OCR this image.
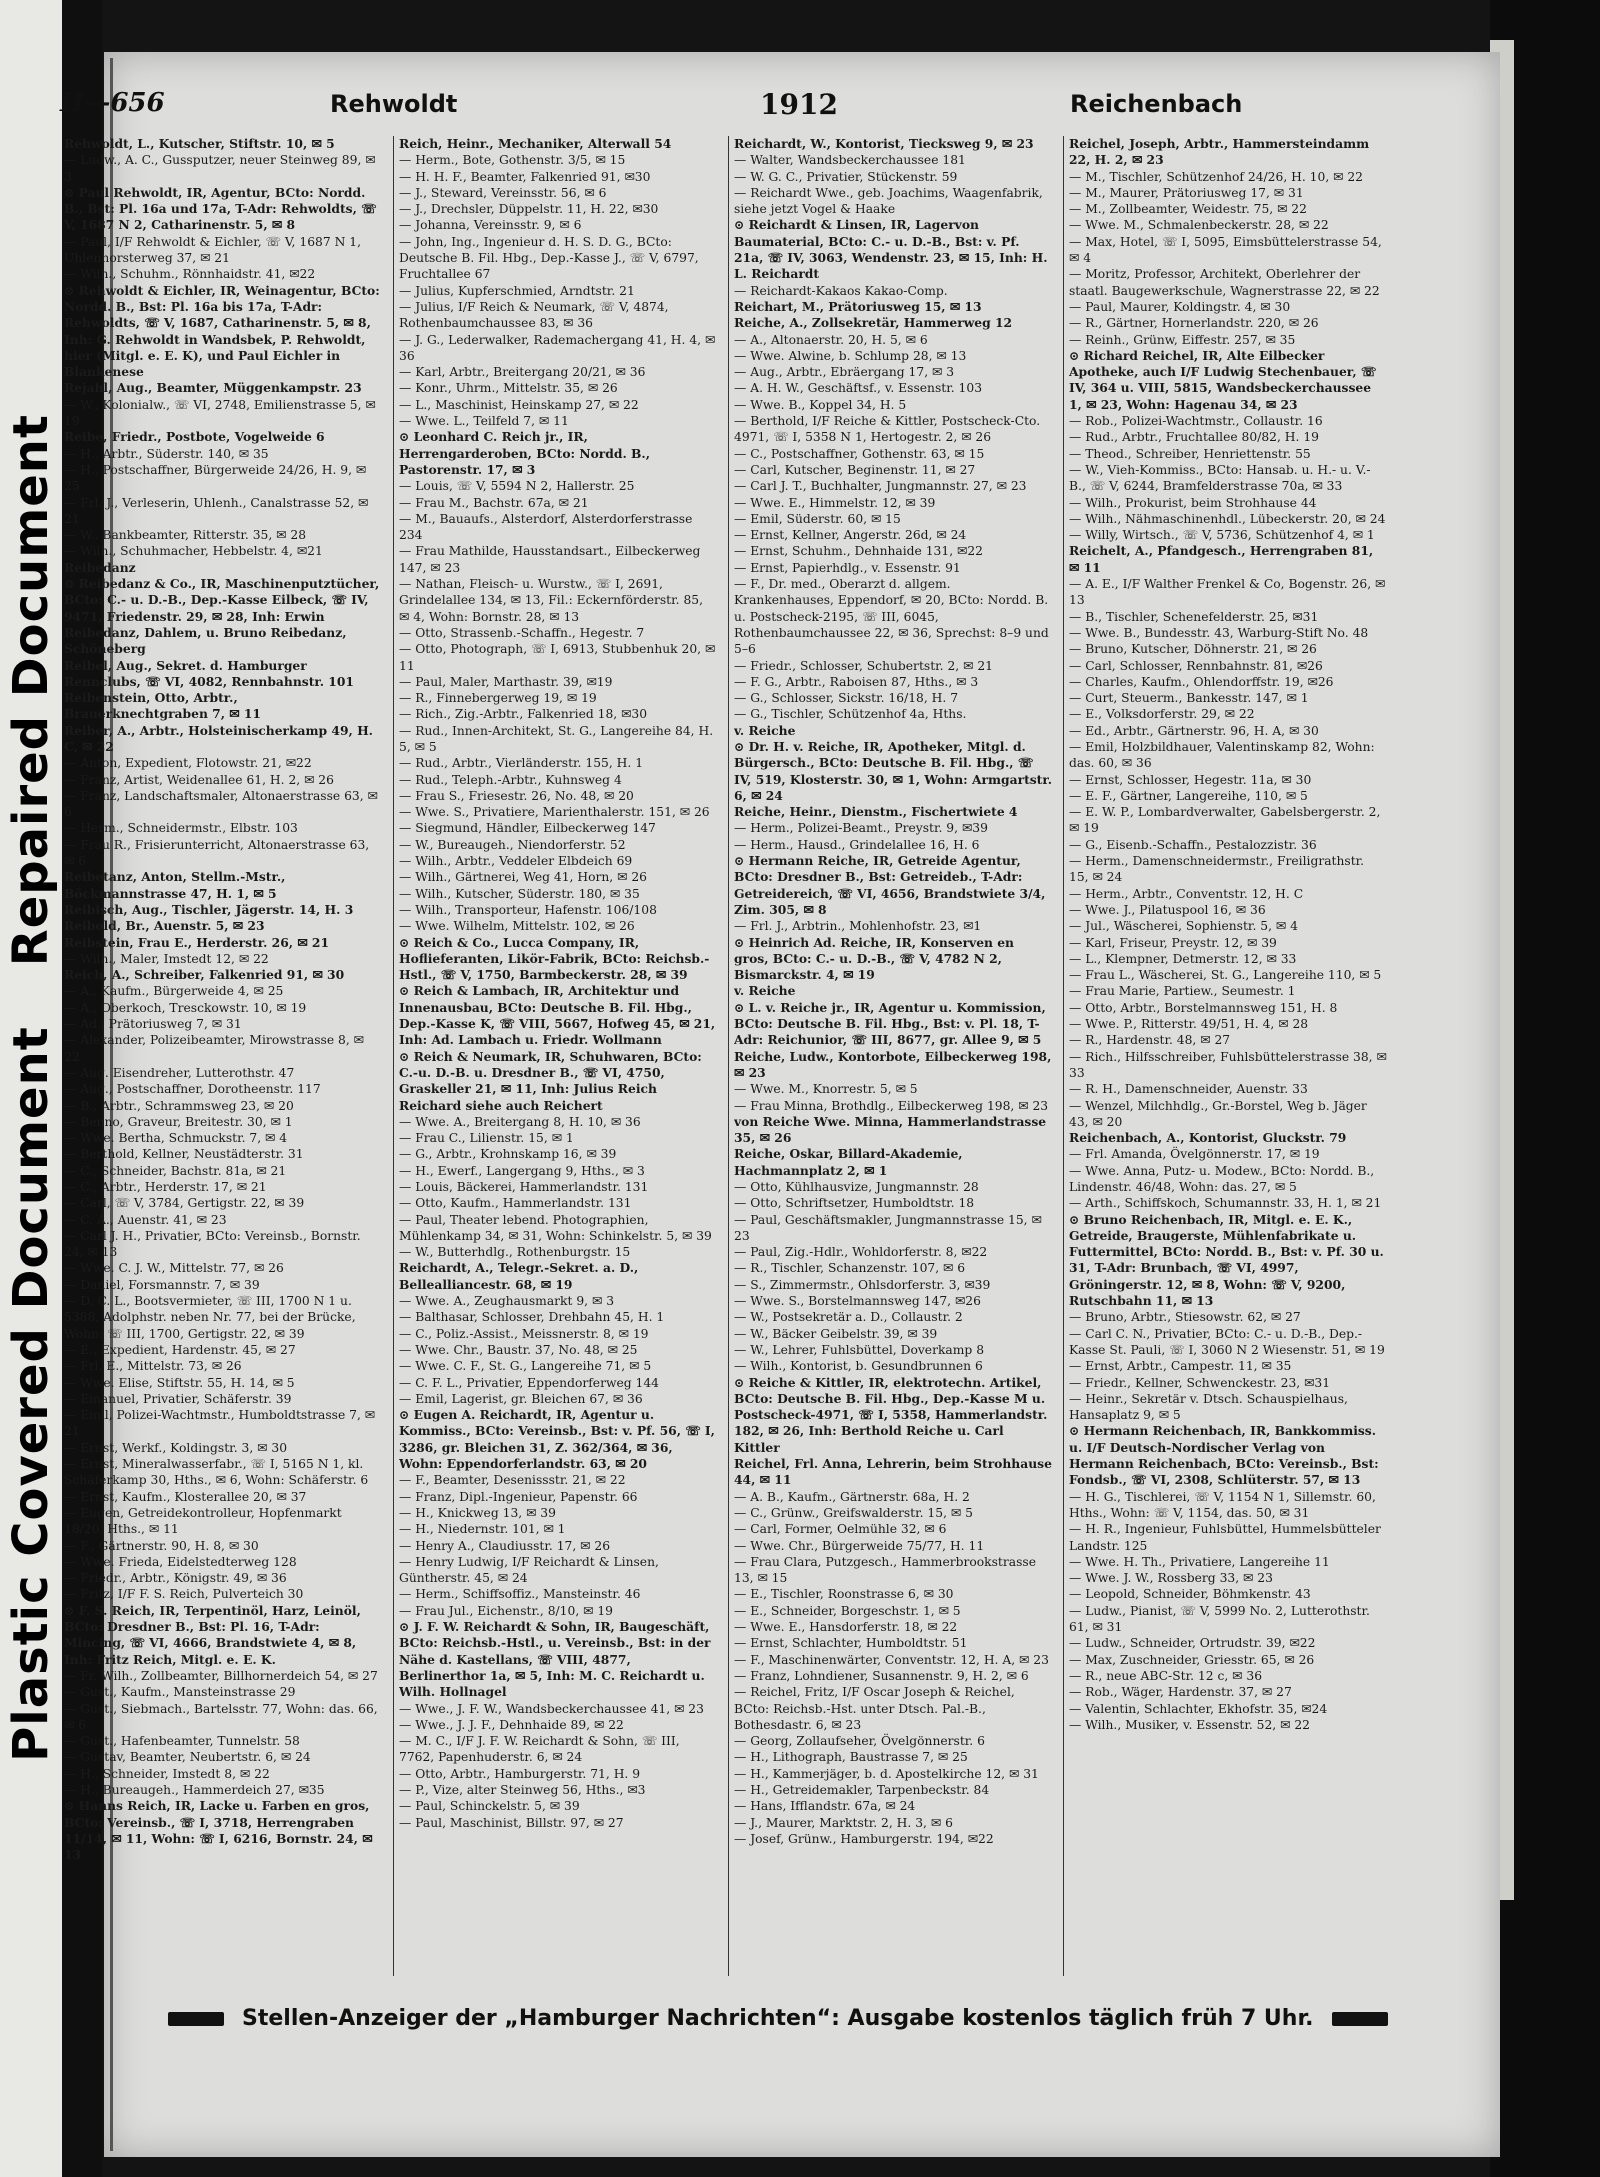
Plastic Covered DocumentRepaired Document
II—656	Rehwoldt	1912	Reichenbach

Rehwoldt, L., Kutscher, Stiftstr. 10, ✉ 5

— Ludw., A. C., Gussputzer, neuer Steinweg 89, ✉ 3

⊙ Paul Rehwoldt, IR, Agentur, BCto: Nordd. B., Bst: Pl. 16a und 17a, T-Adr: Rehwoldts, ☏ V, 1687 N 2, Catharinenstr. 5, ✉ 8

— Paul, I/F Rehwoldt & Eichler, ☏ V, 1687 N 1, Uhlenhorsterweg 37, ✉ 21

— Wilh., Schuhm., Rönnhaidstr. 41, ✉22

⊙ Rehwoldt & Eichler, IR, Weinagentur, BCto: Nordd. B., Bst: Pl. 16a bis 17a, T-Adr: Rehwoldts, ☏ V, 1687, Catharinenstr. 5, ✉ 8, Inh: G. Rehwoldt in Wandsbek, P. Rehwoldt, hier (Mitgl. e. E. K), und Paul Eichler in Blankenese

Rejahl, Aug., Beamter, Müggenkampstr. 23

— W., Kolonialw., ☏ VI, 2748, Emilienstrasse 5, ✉ 19

Reibe, Friedr., Postbote, Vogelweide 6

— H., Arbtr., Süderstr. 140, ✉ 35

— H., Postschaffner, Bürgerweide 24/26, H. 9, ✉ 25

— Frl. J., Verleserin, Uhlenh., Canalstrasse 52, ✉ 21

— W., Bankbeamter, Ritterstr. 35, ✉ 28

— Wilh., Schuhmacher, Hebbelstr. 4, ✉21

Reibedanz

⊙ Reibedanz & Co., IR, Maschinenputztücher, BCto: C.- u. D.-B., Dep.-Kasse Eilbeck, ☏ IV, 9471, Friedenstr. 29, ✉ 28, Inh: Erwin Reibedanz, Dahlem, u. Bruno Reibedanz, Schöneberg

Reibel, Aug., Sekret. d. Hamburger Rennclubs, ☏ VI, 4082, Rennbahnstr. 101

Reibenstein, Otto, Arbtr., Brauerknechtgraben 7, ✉ 11

Reiber, A., Arbtr., Holsteinischerkamp 49, H. C, ✉ 22

— Anton, Expedient, Flotowstr. 21, ✉22

— Franz, Artist, Weidenallee 61, H. 2, ✉ 26

— Franz, Landschaftsmaler, Altonaerstrasse 63, ✉ 6

— Herm., Schneidermstr., Elbstr. 103

— Frau R., Frisierunterricht, Altonaerstrasse 63, ✉ 6

Reibetanz, Anton, Stellm.-Mstr., Böckmannstrasse 47, H. 1, ✉ 5

Reibisch, Aug., Tischler, Jägerstr. 14, H. 3

Reibold, Br., Auenstr. 5, ✉ 23

Reibstein, Frau E., Herderstr. 26, ✉ 21

— Wilh., Maler, Imstedt 12, ✉ 22

Reich, A., Schreiber, Falkenried 91, ✉ 30

— A., Kaufm., Bürgerweide 4, ✉ 25

— A., Oberkoch, Tresckowstr. 10, ✉ 19

— Ad., Prätoriusweg 7, ✉ 31

— Alexander, Polizeibeamter, Mirowstrasse 8, ✉ 22

— Aug. Eisendreher, Lutterothstr. 47

— Aug., Postschaffner, Dorotheenstr. 117

— B., Arbtr., Schrammsweg 23, ✉ 20

— Benno, Graveur, Breitestr. 30, ✉ 1

— Wwe. Bertha, Schmuckstr. 7, ✉ 4

— Berthold, Kellner, Neustädterstr. 31

— C., Schneider, Bachstr. 81a, ✉ 21

— C., Arbtr., Herderstr. 17, ✉ 21

— Carl, ☏ V, 3784, Gertigstr. 22, ✉ 39

— C. A., Auenstr. 41, ✉ 23

— Carl J. H., Privatier, BCto: Vereinsb., Bornstr. 24, ✉ 13

— Wwe. C. J. W., Mittelstr. 77, ✉ 26

— Daniel, Forsmannstr. 7, ✉ 39

— D. C. L., Bootsvermieter, ☏ III, 1700 N 1 u. 5388, Adolphstr. neben Nr. 77, bei der Brücke, Wohn: ☏ III, 1700, Gertigstr. 22, ✉ 39

— E., Expedient, Hardenstr. 45, ✉ 27

— Frl. E., Mittelstr. 73, ✉ 26

— Wwe. Elise, Stiftstr. 55, H. 14, ✉ 5

— Emanuel, Privatier, Schäferstr. 39

— Emil, Polizei-Wachtmstr., Humboldtstrasse 7, ✉ 21

— Ernst, Werkf., Koldingstr. 3, ✉ 30

— Ernst, Mineralwasserfabr., ☏ I, 5165 N 1, kl. Schäferkamp 30, Hths., ✉ 6, Wohn: Schäferstr. 6

— Ernst, Kaufm., Klosterallee 20, ✉ 37

— Eugen, Getreidekontrolleur, Hopfenmarkt 18/20, Hths., ✉ 11

— F., Gärtnerstr. 90, H. 8, ✉ 30

— Wwe. Frieda, Eidelstedterweg 128

— Friedr., Arbtr., Königstr. 49, ✉ 36

— Fritz, I/F F. S. Reich, Pulverteich 30

⊙ F. S. Reich, IR, Terpentinöl, Harz, Leinöl, BCto: Dresdner B., Bst: Pl. 16, T-Adr: Mincing, ☏ VI, 4666, Brandstwiete 4, ✉ 8, Inh: Fritz Reich, Mitgl. e. E. K.

— Fr. Wilh., Zollbeamter, Billhornerdeich 54, ✉ 27

— Gust., Kaufm., Mansteinstrasse 29

— Gust., Siebmach., Bartelsstr. 77, Wohn: das. 66, ✉ 6

— Gust., Hafenbeamter, Tunnelstr. 58

— Gustav, Beamter, Neubertstr. 6, ✉ 24

— H., Schneider, Imstedt 8, ✉ 22

— H., Bureaugeh., Hammerdeich 27, ✉35

⊙ Hanns Reich, IR, Lacke u. Farben en gros, BCto: Vereinsb., ☏ I, 3718, Herrengraben 11/14, ✉ 11, Wohn: ☏ I, 6216, Bornstr. 24, ✉ 13

Reich, Heinr., Mechaniker, Alterwall 54

— Herm., Bote, Gothenstr. 3/5, ✉ 15

— H. H. F., Beamter, Falkenried 91, ✉30

— J., Steward, Vereinsstr. 56, ✉ 6

— J., Drechsler, Düppelstr. 11, H. 22, ✉30

— Johanna, Vereinsstr. 9, ✉ 6

— John, Ing., Ingenieur d. H. S. D. G., BCto: Deutsche B. Fil. Hbg., Dep.-Kasse J., ☏ V, 6797, Fruchtallee 67

— Julius, Kupferschmied, Arndtstr. 21

— Julius, I/F Reich & Neumark, ☏ V, 4874, Rothenbaumchaussee 83, ✉ 36

— J. G., Lederwalker, Rademachergang 41, H. 4, ✉ 36

— Karl, Arbtr., Breitergang 20/21, ✉ 36

— Konr., Uhrm., Mittelstr. 35, ✉ 26

— L., Maschinist, Heinskamp 27, ✉ 22

— Wwe. L., Teilfeld 7, ✉ 11

⊙ Leonhard C. Reich jr., IR, Herrengarderoben, BCto: Nordd. B., Pastorenstr. 17, ✉ 3

— Louis, ☏ V, 5594 N 2, Hallerstr. 25

— Frau M., Bachstr. 67a, ✉ 21

— M., Bauaufs., Alsterdorf, Alsterdorferstrasse 234

— Frau Mathilde, Hausstandsart., Eilbeckerweg 147, ✉ 23

— Nathan, Fleisch- u. Wurstw., ☏ I, 2691, Grindelallee 134, ✉ 13, Fil.: Eckernförderstr. 85, ✉ 4, Wohn: Bornstr. 28, ✉ 13

— Otto, Strassenb.-Schaffn., Hegestr. 7

— Otto, Photograph, ☏ I, 6913, Stubbenhuk 20, ✉ 11

— Paul, Maler, Marthastr. 39, ✉19

— R., Finnebergerweg 19, ✉ 19

— Rich., Zig.-Arbtr., Falkenried 18, ✉30

— Rud., Innen-Architekt, St. G., Langereihe 84, H. 5, ✉ 5

— Rud., Arbtr., Vierländerstr. 155, H. 1

— Rud., Teleph.-Arbtr., Kuhnsweg 4

— Frau S., Friesestr. 26, No. 48, ✉ 20

— Wwe. S., Privatiere, Marienthalerstr. 151, ✉ 26

— Siegmund, Händler, Eilbeckerweg 147

— W., Bureaugeh., Niendorferstr. 52

— Wilh., Arbtr., Veddeler Elbdeich 69

— Wilh., Gärtnerei, Weg 41, Horn, ✉ 26

— Wilh., Kutscher, Süderstr. 180, ✉ 35

— Wilh., Transporteur, Hafenstr. 106/108

— Wwe. Wilhelm, Mittelstr. 102, ✉ 26

⊙ Reich & Co., Lucca Company, IR, Hoflieferanten, Likör-Fabrik, BCto: Reichsb.-Hstl., ☏ V, 1750, Barmbeckerstr. 28, ✉ 39

⊙ Reich & Lambach, IR, Architektur und Innenausbau, BCto: Deutsche B. Fil. Hbg., Dep.-Kasse K, ☏ VIII, 5667, Hofweg 45, ✉ 21, Inh: Ad. Lambach u. Friedr. Wollmann

⊙ Reich & Neumark, IR, Schuhwaren, BCto: C.-u. D.-B. u. Dresdner B., ☏ VI, 4750, Graskeller 21, ✉ 11, Inh: Julius Reich

Reichard siehe auch Reichert

— Wwe. A., Breitergang 8, H. 10, ✉ 36

— Frau C., Lilienstr. 15, ✉ 1

— G., Arbtr., Krohnskamp 16, ✉ 39

— H., Ewerf., Langergang 9, Hths., ✉ 3

— Louis, Bäckerei, Hammerlandstr. 131

— Otto, Kaufm., Hammerlandstr. 131

— Paul, Theater lebend. Photographien, Mühlenkamp 34, ✉ 31, Wohn: Schinkelstr. 5, ✉ 39

— W., Butterhdlg., Rothenburgstr. 15

Reichardt, A., Telegr.-Sekret. a. D., Bellealliancestr. 68, ✉ 19

— Wwe. A., Zeughausmarkt 9, ✉ 3

— Balthasar, Schlosser, Drehbahn 45, H. 1

— C., Poliz.-Assist., Meissnerstr. 8, ✉ 19

— Wwe. Chr., Baustr. 37, No. 48, ✉ 25

— Wwe. C. F., St. G., Langereihe 71, ✉ 5

— C. F. L., Privatier, Eppendorferweg 144

— Emil, Lagerist, gr. Bleichen 67, ✉ 36

⊙ Eugen A. Reichardt, IR, Agentur u. Kommiss., BCto: Vereinsb., Bst: v. Pf. 56, ☏ I, 3286, gr. Bleichen 31, Z. 362/364, ✉ 36, Wohn: Eppendorferlandstr. 63, ✉ 20

— F., Beamter, Desenissstr. 21, ✉ 22

— Franz, Dipl.-Ingenieur, Papenstr. 66

— H., Knickweg 13, ✉ 39

— H., Niedernstr. 101, ✉ 1

— Henry A., Claudiusstr. 17, ✉ 26

— Henry Ludwig, I/F Reichardt & Linsen, Güntherstr. 45, ✉ 24

— Herm., Schiffsoffiz., Mansteinstr. 46

— Frau Jul., Eichenstr., 8/10, ✉ 19

⊙ J. F. W. Reichardt & Sohn, IR, Baugeschäft, BCto: Reichsb.-Hstl., u. Vereinsb., Bst: in der Nähe d. Kastellans, ☏ VIII, 4877, Berlinerthor 1a, ✉ 5, Inh: M. C. Reichardt u. Wilh. Hollnagel

— Wwe., J. F. W., Wandsbeckerchaussee 41, ✉ 23

— Wwe., J. J. F., Dehnhaide 89, ✉ 22

— M. C., I/F J. F. W. Reichardt & Sohn, ☏ III, 7762, Papenhuderstr. 6, ✉ 24

— Otto, Arbtr., Hamburgerstr. 71, H. 9

— P., Vize, alter Steinweg 56, Hths., ✉3

— Paul, Schinckelstr. 5, ✉ 39

— Paul, Maschinist, Billstr. 97, ✉ 27

Reichardt, W., Kontorist, Tiecksweg 9, ✉ 23

— Walter, Wandsbeckerchaussee 181

— W. G. C., Privatier, Stückenstr. 59

— Reichardt Wwe., geb. Joachims, Waagenfabrik, siehe jetzt Vogel & Haake

⊙ Reichardt & Linsen, IR, Lagervon Baumaterial, BCto: C.- u. D.-B., Bst: v. Pf. 21a, ☏ IV, 3063, Wendenstr. 23, ✉ 15, Inh: H. L. Reichardt

— Reichardt-Kakaos Kakao-Comp.

Reichart, M., Prätoriusweg 15, ✉ 13

Reiche, A., Zollsekretär, Hammerweg 12

— A., Altonaerstr. 20, H. 5, ✉ 6

— Wwe. Alwine, b. Schlump 28, ✉ 13

— Aug., Arbtr., Ebräergang 17, ✉ 3

— A. H. W., Geschäftsf., v. Essenstr. 103

— Wwe. B., Koppel 34, H. 5

— Berthold, I/F Reiche & Kittler, Postscheck-Cto. 4971, ☏ I, 5358 N 1, Hertogestr. 2, ✉ 26

— C., Postschaffner, Gothenstr. 63, ✉ 15

— Carl, Kutscher, Beginenstr. 11, ✉ 27

— Carl J. T., Buchhalter, Jungmannstr. 27, ✉ 23

— Wwe. E., Himmelstr. 12, ✉ 39

— Emil, Süderstr. 60, ✉ 15

— Ernst, Kellner, Angerstr. 26d, ✉ 24

— Ernst, Schuhm., Dehnhaide 131, ✉22

— Ernst, Papierhdlg., v. Essenstr. 91

— F., Dr. med., Oberarzt d. allgem. Krankenhauses, Eppendorf, ✉ 20, BCto: Nordd. B. u. Postscheck-2195, ☏ III, 6045, Rothenbaumchaussee 22, ✉ 36, Sprechst: 8–9 und 5–6

— Friedr., Schlosser, Schubertstr. 2, ✉ 21

— F. G., Arbtr., Raboisen 87, Hths., ✉ 3

— G., Schlosser, Sickstr. 16/18, H. 7

— G., Tischler, Schützenhof 4a, Hths.

v. Reiche

⊙ Dr. H. v. Reiche, IR, Apotheker, Mitgl. d. Bürgersch., BCto: Deutsche B. Fil. Hbg., ☏ IV, 519, Klosterstr. 30, ✉ 1, Wohn: Armgartstr. 6, ✉ 24

Reiche, Heinr., Dienstm., Fischertwiete 4

— Herm., Polizei-Beamt., Preystr. 9, ✉39

— Herm., Hausd., Grindelallee 16, H. 6

⊙ Hermann Reiche, IR, Getreide Agentur, BCto: Dresdner B., Bst: Getreideb., T-Adr: Getreidereich, ☏ VI, 4656, Brandstwiete 3/4, Zim. 305, ✉ 8

— Frl. J., Arbtrin., Mohlenhofstr. 23, ✉1

⊙ Heinrich Ad. Reiche, IR, Konserven en gros, BCto: C.- u. D.-B., ☏ V, 4782 N 2, Bismarckstr. 4, ✉ 19

v. Reiche

⊙ L. v. Reiche jr., IR, Agentur u. Kommission, BCto: Deutsche B. Fil. Hbg., Bst: v. Pl. 18, T-Adr: Reichunior, ☏ III, 8677, gr. Allee 9, ✉ 5

Reiche, Ludw., Kontorbote, Eilbeckerweg 198, ✉ 23

— Wwe. M., Knorrestr. 5, ✉ 5

— Frau Minna, Brothdlg., Eilbeckerweg 198, ✉ 23

von Reiche Wwe. Minna, Hammerlandstrasse 35, ✉ 26

Reiche, Oskar, Billard-Akademie, Hachmannplatz 2, ✉ 1

— Otto, Kühlhausvize, Jungmannstr. 28

— Otto, Schriftsetzer, Humboldtstr. 18

— Paul, Geschäftsmakler, Jungmannstrasse 15, ✉ 23

— Paul, Zig.-Hdlr., Wohldorferstr. 8, ✉22

— R., Tischler, Schanzenstr. 107, ✉ 6

— S., Zimmermstr., Ohlsdorferstr. 3, ✉39

— Wwe. S., Borstelmannsweg 147, ✉26

— W., Postsekretär a. D., Collaustr. 2

— W., Bäcker Geibelstr. 39, ✉ 39

— W., Lehrer, Fuhlsbüttel, Doverkamp 8

— Wilh., Kontorist, b. Gesundbrunnen 6

⊙ Reiche & Kittler, IR, elektrotechn. Artikel, BCto: Deutsche B. Fil. Hbg., Dep.-Kasse M u. Postscheck-4971, ☏ I, 5358, Hammerlandstr. 182, ✉ 26, Inh: Berthold Reiche u. Carl Kittler

Reichel, Frl. Anna, Lehrerin, beim Strohhause 44, ✉ 11

— A. B., Kaufm., Gärtnerstr. 68a, H. 2

— C., Grünw., Greifswalderstr. 15, ✉ 5

— Carl, Former, Oelmühle 32, ✉ 6

— Wwe. Chr., Bürgerweide 75/77, H. 11

— Frau Clara, Putzgesch., Hammerbrookstrasse 13, ✉ 15

— E., Tischler, Roonstrasse 6, ✉ 30

— E., Schneider, Borgeschstr. 1, ✉ 5

— Wwe. E., Hansdorferstr. 18, ✉ 22

— Ernst, Schlachter, Humboldtstr. 51

— F., Maschinenwärter, Conventstr. 12, H. A, ✉ 23

— Franz, Lohndiener, Susannenstr. 9, H. 2, ✉ 6

— Reichel, Fritz, I/F Oscar Joseph & Reichel, BCto: Reichsb.-Hst. unter Dtsch. Pal.-B., Bothesdastr. 6, ✉ 23

— Georg, Zollaufseher, Övelgönnerstr. 6

— H., Lithograph, Baustrasse 7, ✉ 25

— H., Kammerjäger, b. d. Apostelkirche 12, ✉ 31

— H., Getreidemakler, Tarpenbeckstr. 84

— Hans, Ifflandstr. 67a, ✉ 24

— J., Maurer, Marktstr. 2, H. 3, ✉ 6

— Josef, Grünw., Hamburgerstr. 194, ✉22

Reichel, Joseph, Arbtr., Hammersteindamm 22, H. 2, ✉ 23

— M., Tischler, Schützenhof 24/26, H. 10, ✉ 22

— M., Maurer, Prätoriusweg 17, ✉ 31

— M., Zollbeamter, Weidestr. 75, ✉ 22

— Wwe. M., Schmalenbeckerstr. 28, ✉ 22

— Max, Hotel, ☏ I, 5095, Eimsbüttelerstrasse 54, ✉ 4

— Moritz, Professor, Architekt, Oberlehrer der staatl. Baugewerkschule, Wagnerstrasse 22, ✉ 22

— Paul, Maurer, Koldingstr. 4, ✉ 30

— R., Gärtner, Hornerlandstr. 220, ✉ 26

— Reinh., Grünw, Eiffestr. 257, ✉ 35

⊙ Richard Reichel, IR, Alte Eilbecker Apotheke, auch I/F Ludwig Stechenbauer, ☏ IV, 364 u. VIII, 5815, Wandsbeckerchaussee 1, ✉ 23, Wohn: Hagenau 34, ✉ 23

— Rob., Polizei-Wachtmstr., Collaustr. 16

— Rud., Arbtr., Fruchtallee 80/82, H. 19

— Theod., Schreiber, Henriettenstr. 55

— W., Vieh-Kommiss., BCto: Hansab. u. H.- u. V.-B., ☏ V, 6244, Bramfelderstrasse 70a, ✉ 33

— Wilh., Prokurist, beim Strohhause 44

— Wilh., Nähmaschinenhdl., Lübeckerstr. 20, ✉ 24

— Willy, Wirtsch., ☏ V, 5736, Schützenhof 4, ✉ 1

Reichelt, A., Pfandgesch., Herrengraben 81, ✉ 11

— A. E., I/F Walther Frenkel & Co, Bogenstr. 26, ✉ 13

— B., Tischler, Schenefelderstr. 25, ✉31

— Wwe. B., Bundesstr. 43, Warburg-Stift No. 48

— Bruno, Kutscher, Döhnerstr. 21, ✉ 26

— Carl, Schlosser, Rennbahnstr. 81, ✉26

— Charles, Kaufm., Ohlendorffstr. 19, ✉26

— Curt, Steuerm., Bankesstr. 147, ✉ 1

— E., Volksdorferstr. 29, ✉ 22

— Ed., Arbtr., Gärtnerstr. 96, H. A, ✉ 30

— Emil, Holzbildhauer, Valentinskamp 82, Wohn: das. 60, ✉ 36

— Ernst, Schlosser, Hegestr. 11a, ✉ 30

— E. F., Gärtner, Langereihe, 110, ✉ 5

— E. W. P., Lombardverwalter, Gabelsbergerstr. 2, ✉ 19

— G., Eisenb.-Schaffn., Pestalozzistr. 36

— Herm., Damenschneidermstr., Freiligrathstr. 15, ✉ 24

— Herm., Arbtr., Conventstr. 12, H. C

— Wwe. J., Pilatuspool 16, ✉ 36

— Jul., Wäscherei, Sophienstr. 5, ✉ 4

— Karl, Friseur, Preystr. 12, ✉ 39

— L., Klempner, Detmerstr. 12, ✉ 33

— Frau L., Wäscherei, St. G., Langereihe 110, ✉ 5

— Frau Marie, Partiew., Seumestr. 1

— Otto, Arbtr., Borstelmannsweg 151, H. 8

— Wwe. P., Ritterstr. 49/51, H. 4, ✉ 28

— R., Hardenstr. 48, ✉ 27

— Rich., Hilfsschreiber, Fuhlsbüttelerstrasse 38, ✉ 33

— R. H., Damenschneider, Auenstr. 33

— Wenzel, Milchhdlg., Gr.-Borstel, Weg b. Jäger 43, ✉ 20

Reichenbach, A., Kontorist, Gluckstr. 79

— Frl. Amanda, Övelgönnerstr. 17, ✉ 19

— Wwe. Anna, Putz- u. Modew., BCto: Nordd. B., Lindenstr. 46/48, Wohn: das. 27, ✉ 5

— Arth., Schiffskoch, Schumannstr. 33, H. 1, ✉ 21

⊙ Bruno Reichenbach, IR, Mitgl. e. E. K., Getreide, Braugerste, Mühlenfabrikate u. Futtermittel, BCto: Nordd. B., Bst: v. Pf. 30 u. 31, T-Adr: Brunbach, ☏ VI, 4997, Gröningerstr. 12, ✉ 8, Wohn: ☏ V, 9200, Rutschbahn 11, ✉ 13

— Bruno, Arbtr., Stiesowstr. 62, ✉ 27

— Carl C. N., Privatier, BCto: C.- u. D.-B., Dep.-Kasse St. Pauli, ☏ I, 3060 N 2 Wiesenstr. 51, ✉ 19

— Ernst, Arbtr., Campestr. 11, ✉ 35

— Friedr., Kellner, Schwenckestr. 23, ✉31

— Heinr., Sekretär v. Dtsch. Schauspielhaus, Hansaplatz 9, ✉ 5

⊙ Hermann Reichenbach, IR, Bankkommiss. u. I/F Deutsch-Nordischer Verlag von Hermann Reichenbach, BCto: Vereinsb., Bst: Fondsb., ☏ VI, 2308, Schlüterstr. 57, ✉ 13

— H. G., Tischlerei, ☏ V, 1154 N 1, Sillemstr. 60, Hths., Wohn: ☏ V, 1154, das. 50, ✉ 31

— H. R., Ingenieur, Fuhlsbüttel, Hummelsbütteler Landstr. 125

— Wwe. H. Th., Privatiere, Langereihe 11

— Wwe. J. W., Rossberg 33, ✉ 23

— Leopold, Schneider, Böhmkenstr. 43

— Ludw., Pianist, ☏ V, 5999 No. 2, Lutterothstr. 61, ✉ 31

— Ludw., Schneider, Ortrudstr. 39, ✉22

— Max, Zuschneider, Griesstr. 65, ✉ 26

— R., neue ABC-Str. 12 c, ✉ 36

— Rob., Wäger, Hardenstr. 37, ✉ 27

— Valentin, Schlachter, Ekhofstr. 35, ✉24

— Wilh., Musiker, v. Essenstr. 52, ✉ 22

Stellen-Anzeiger der „Hamburger Nachrichten“: Ausgabe kostenlos täglich früh 7 Uhr.
